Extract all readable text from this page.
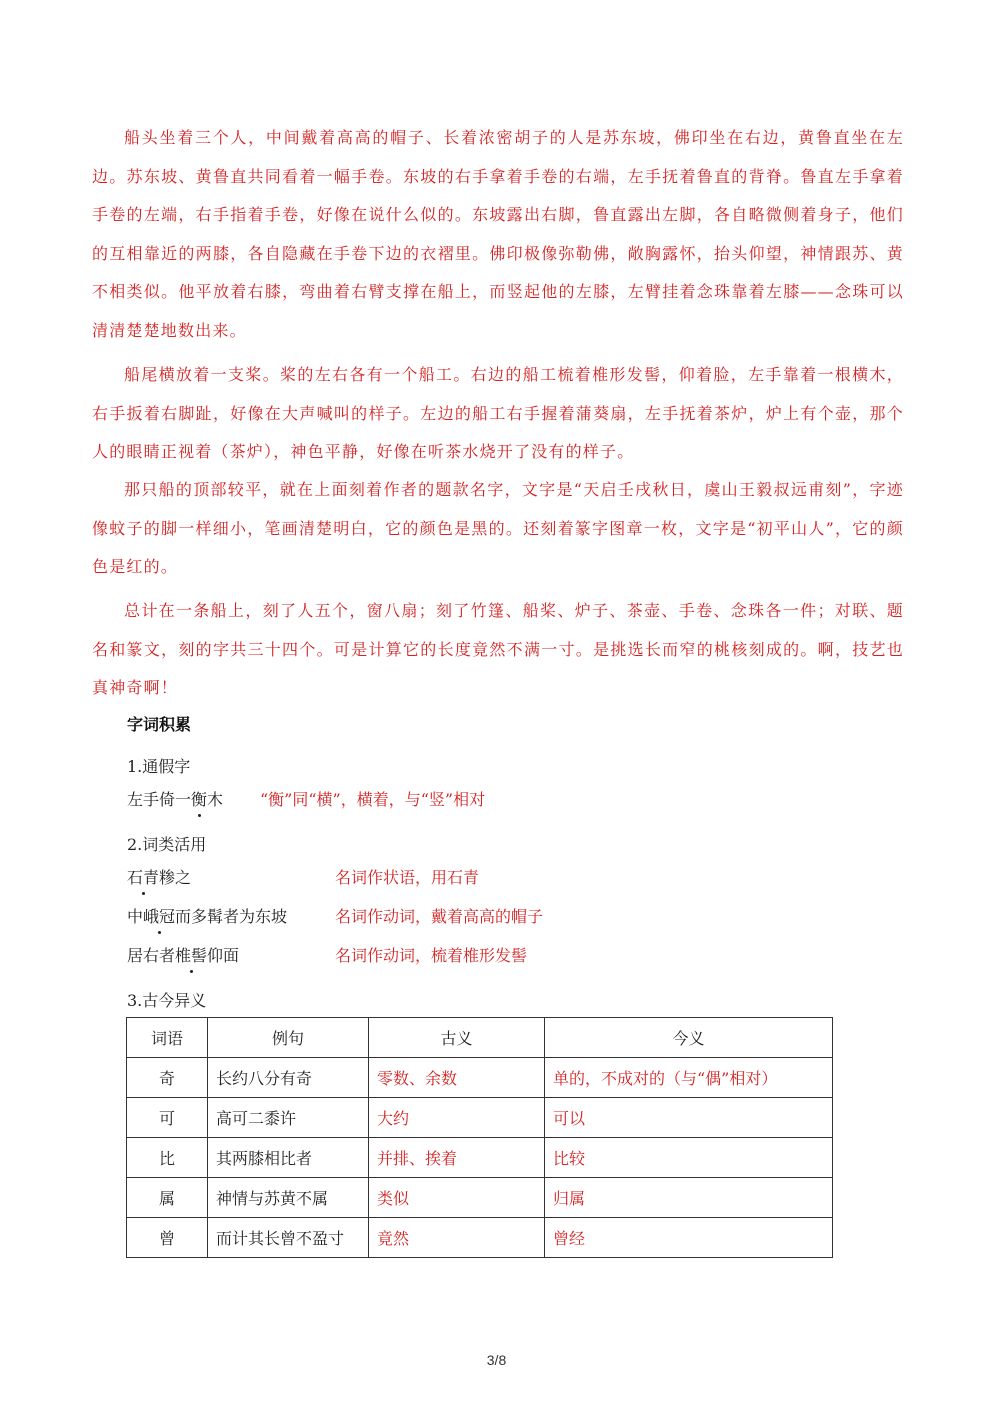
船头坐着三个人，中间戴着高高的帽子、长着浓密胡子的人是苏东坡，佛印坐在右边，黄鲁直坐在左边。苏东坡、黄鲁直共同看着一幅手卷。东坡的右手拿着手卷的右端，左手抚着鲁直的背脊。鲁直左手拿着手卷的左端，右手指着手卷，好像在说什么似的。东坡露出右脚，鲁直露出左脚，各自略微侧着身子，他们的互相靠近的两膝，各自隐藏在手卷下边的衣褶里。佛印极像弥勒佛，敞胸露怀，抬头仰望，神情跟苏、黄不相类似。他平放着右膝，弯曲着右臂支撑在船上，而竖起他的左膝，左臂挂着念珠靠着左膝——念珠可以清清楚楚地数出来。

船尾横放着一支桨。桨的左右各有一个船工。右边的船工梳着椎形发髻，仰着脸，左手靠着一根横木，右手扳着右脚趾，好像在大声喊叫的样子。左边的船工右手握着蒲葵扇，左手抚着茶炉，炉上有个壶，那个人的眼睛正视着（茶炉），神色平静，好像在听茶水烧开了没有的样子。

那只船的顶部较平，就在上面刻着作者的题款名字，文字是“天启壬戌秋日，虞山王毅叔远甫刻”，字迹像蚊子的脚一样细小，笔画清楚明白，它的颜色是黑的。还刻着篆字图章一枚，文字是“初平山人”，它的颜色是红的。

总计在一条船上，刻了人五个，窗八扇；刻了竹篷、船桨、炉子、茶壶、手卷、念珠各一件；对联、题名和篆文，刻的字共三十四个。可是计算它的长度竟然不满一寸。是挑选长而窄的桃核刻成的。啊，技艺也真神奇啊！

字词积累
1.通假字
左手倚一衡木 “衡”同“横”，横着，与“竖”相对
2.词类活用
石青糁之	名词作状语，用石青
中峨冠而多髯者为东坡	名词作动词，戴着高高的帽子
居右者椎髻仰面	名词作动词，梳着椎形发髻
3.古今异义
词语	例句	古义	今义
奇	长约八分有奇	零数、余数	单的，不成对的（与“偶”相对）
可	高可二黍许	大约	可以
比	其两膝相比者	并排、挨着	比较
属	神情与苏黄不属	类似	归属
曾	而计其长曾不盈寸	竟然	曾经
3/8
